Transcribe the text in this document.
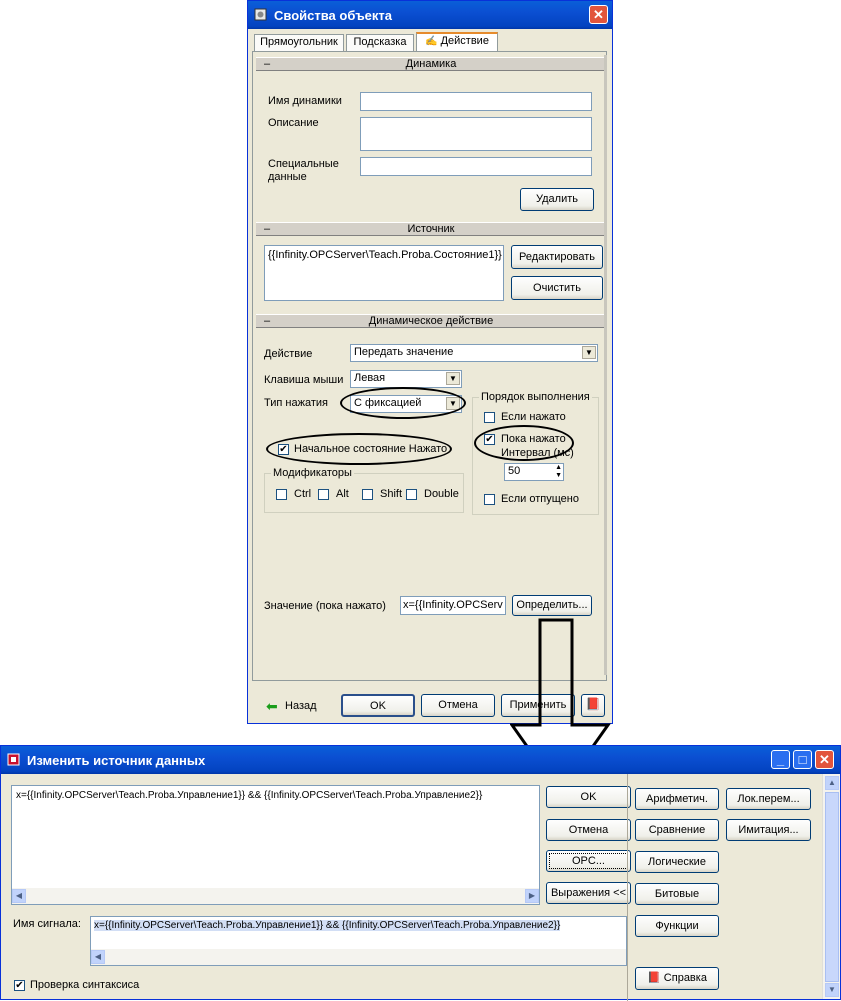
Свойства объекта	✕
Прямоугольник	Подсказка	✍ Действие
–	Динамика
Имя динамики
Описание
Специальные
данные
Удалить
–	Источник
{{Infinity.OPCServer\Teach.Proba.Состояние1}}	Редактировать
Очистить
–	Динамическое действие
Действие	Передать значение	▼
Клавиша мыши Левая	▼
Тип нажатия	С фиксацией	▼
✔ Начальное состояние Нажато
Модификаторы
Ctrl Alt	Shift Double
Порядок выполнения
Если нажато
✔ Пока нажато
Интервал (мс)
50	▲
▼
Если отпущено
Значение (пока нажато) x={{Infinity.OPCServ	Определить...
⬅ Назад	OK	Отмена	Применить	📕
Изменить источник данных	_	□ ✕
x={{Infinity.OPCServer\Teach.Proba.Управление1}} && {{Infinity.OPCServer\Teach.Proba.Управление2}}
◀	▶
OK
Отмена
OPC...
Выражения <<
Арифметич.
Сравнение
Логические
Битовые
Функции
📕 Справка
Лок.перем...
Имитация...
▲
▼
Имя сигнала:	x={{Infinity.OPCServer\Teach.Proba.Управление1}} && {{Infinity.OPCServer\Teach.Proba.Управление2}}
◀
✔ Проверка синтаксиса
